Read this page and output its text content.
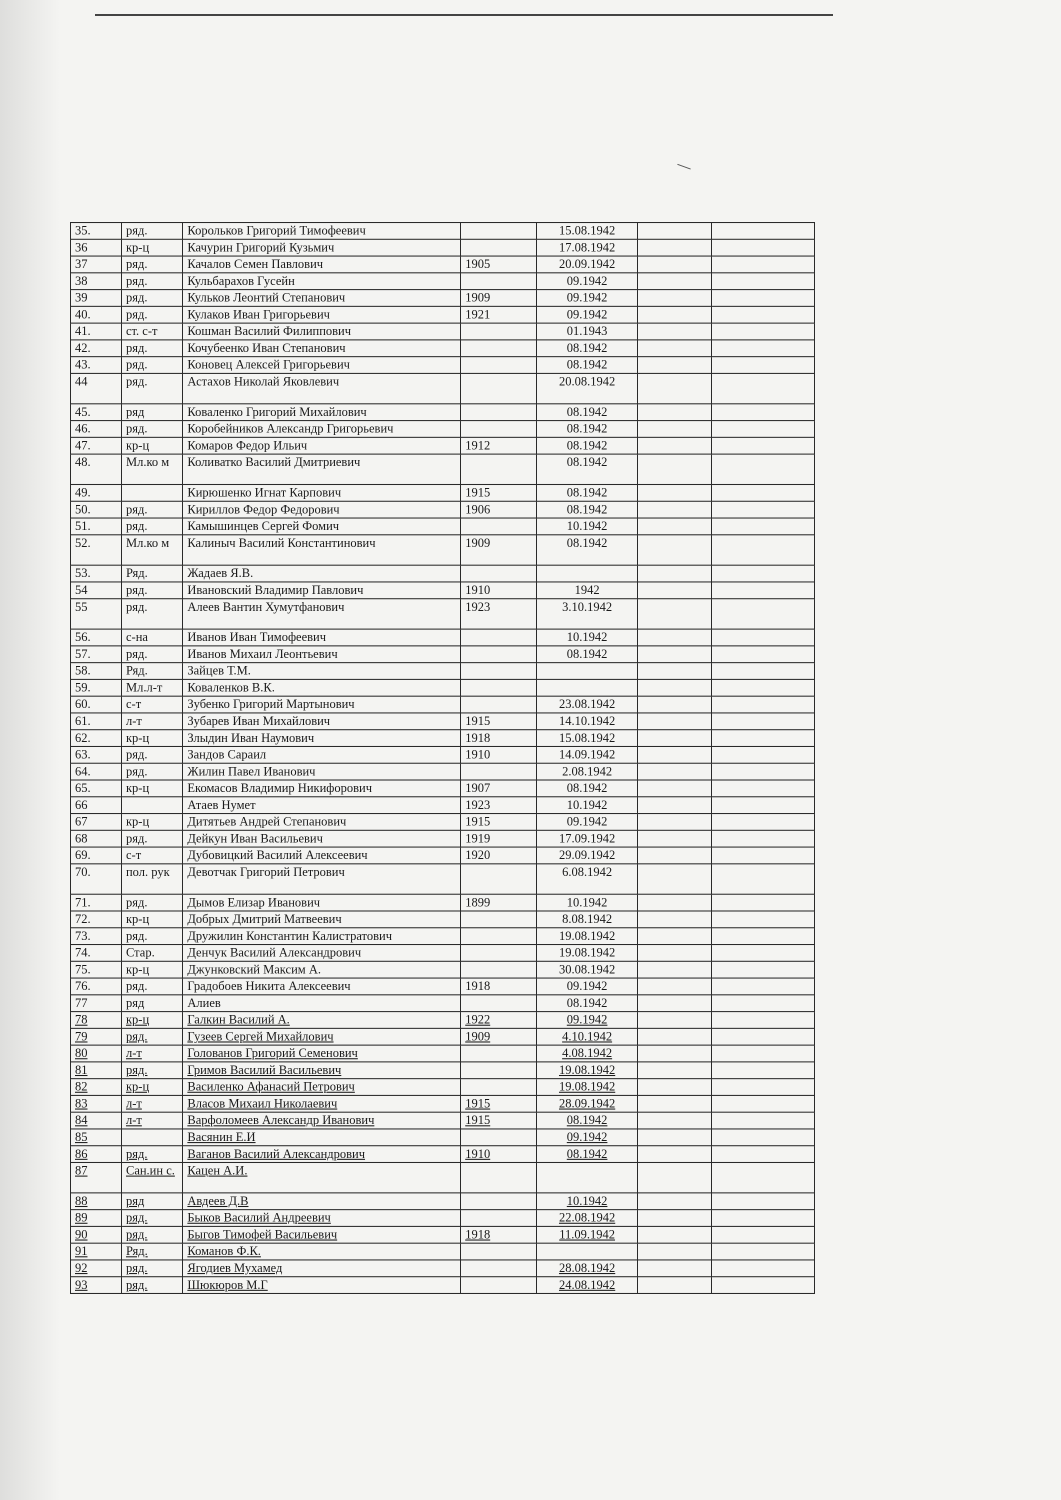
35.	ряд.	Корольков Григорий Тимофеевич		15.08.1942		
36	кр-ц	Качурин Григорий Кузьмич		17.08.1942		
37	ряд.	Качалов Семен Павлович	1905	20.09.1942		
38	ряд.	Кульбарахов Гусейн		09.1942		
39	ряд.	Кульков Леонтий Степанович	1909	09.1942		
40.	ряд.	Кулаков Иван Григорьевич	1921	09.1942		
41.	ст. с-т	Кошман Василий Филиппович		01.1943		
42.	ряд.	Кочубеенко Иван Степанович		08.1942		
43.	ряд.	Коновец Алексей Григорьевич		08.1942		
44	ряд.	Астахов Николай Яковлевич		20.08.1942		
45.	ряд	Коваленко Григорий Михайлович		08.1942		
46.	ряд.	Коробейников Александр Григорьевич		08.1942		
47.	кр-ц	Комаров Федор Ильич	1912	08.1942		
48.	Мл.ко м	Коливатко Василий Дмитриевич		08.1942		
49.		Кирюшенко Игнат Карпович	1915	08.1942		
50.	ряд.	Кириллов Федор Федорович	1906	08.1942		
51.	ряд.	Камышинцев Сергей Фомич		10.1942		
52.	Мл.ко м	Калиныч Василий Константинович	1909	08.1942		
53.	Ряд.	Жадаев Я.В.				
54	ряд.	Ивановский Владимир Павлович	1910	1942		
55	ряд.	Алеев Вантин Хумутфанович	1923	3.10.1942		
56.	с-на	Иванов Иван Тимофеевич		10.1942		
57.	ряд.	Иванов Михаил Леонтьевич		08.1942		
58.	Ряд.	Зайцев Т.М.				
59.	Мл.л-т	Коваленков В.К.				
60.	с-т	Зубенко Григорий Мартынович		23.08.1942		
61.	л-т	Зубарев Иван Михайлович	1915	14.10.1942		
62.	кр-ц	Злыдин Иван Наумович	1918	15.08.1942		
63.	ряд.	Зандов Сараил	1910	14.09.1942		
64.	ряд.	Жилин Павел Иванович		2.08.1942		
65.	кр-ц	Екомасов Владимир Никифорович	1907	08.1942		
66		Атаев Нумет	1923	10.1942		
67	кр-ц	Дитятьев Андрей Степанович	1915	09.1942		
68	ряд.	Дейкун Иван Васильевич	1919	17.09.1942		
69.	с-т	Дубовицкий Василий Алексеевич	1920	29.09.1942		
70.	пол. рук	Девотчак Григорий Петрович		6.08.1942		
71.	ряд.	Дымов Елизар Иванович	1899	10.1942		
72.	кр-ц	Добрых Дмитрий Матвеевич		8.08.1942		
73.	ряд.	Дружилин Константин Калистратович		19.08.1942		
74.	Стар.	Денчук Василий Александрович		19.08.1942		
75.	кр-ц	Джунковский Максим А.		30.08.1942		
76.	ряд.	Градобоев Никита Алексеевич	1918	09.1942		
77	ряд	Алиев		08.1942		
78	кр-ц	Галкин Василий А.	1922	09.1942		
79	ряд.	Гузеев Сергей Михайлович	1909	4.10.1942		
80	л-т	Голованов Григорий Семенович		4.08.1942		
81	ряд.	Гримов Василий Васильевич		19.08.1942		
82	кр-ц	Василенко Афанасий Петрович		19.08.1942		
83	л-т	Власов Михаил Николаевич	1915	28.09.1942		
84	л-т	Варфоломеев Александр Иванович	1915	08.1942		
85		Васянин Е.И		09.1942		
86	ряд.	Ваганов Василий Александрович	1910	08.1942		
87	Сан.ин с.	Кацен А.И.				
88	ряд	Авдеев Д.В		10.1942		
89	ряд.	Быков Василий Андреевич		22.08.1942		
90	ряд.	Быгов Тимофей Васильевич	1918	11.09.1942		
91	Ряд.	Команов Ф.К.				
92	ряд.	Ягодиев Мухамед		28.08.1942		
93	ряд.	Шюкюров М.Г		24.08.1942		
